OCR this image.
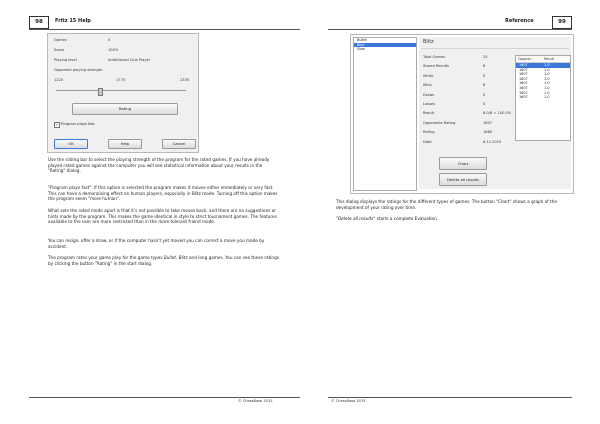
98	Fritz 15 Help
Games	0
Score	100%
Playing level	Ambitioned Club Player
Opponent playing strength
1220	1770	2335
Rating
✓ Program plays fast
OK	Help	Cancel

Use the sliding bar to select the playing strength of the program for the rated games. If you have already played rated games against the computer you will see statistical information about your results in the "Rating" dialog.

"Program plays fast": If this option is selected the program makes it moves either immediately or very fast. This can have a demoralising effect on human players, especially in Blitz mode. Turning off this option makes the program seem "more human".

What sets the rated mode apart is that it's not possible to take moves back, and there are no suggestions or hints made by the program. This makes the game identical in style to strict tournament games. The features available to the user are more restricted than in the more tolerant friend mode.

You can resign, offer a draw, or if the computer hasn't yet moved you can correct a move you made by accident.

The program rates your game play for the game types Bullet, Blitz and long games. You can see these ratings by clicking the button "Rating" in the start dialog.

© ChessBase 2015
Reference	99
Bullet
Blitz
Slow
Blitz
Total Games	25
Stored Results	8
White	0
Wins	8
Draws	0
Losses	0
Result	8.0/8 = 100.0%
Opponents Rating	1607
Rating	1680
Date	8.11.2015
Oppone...	Result
1607	1-0
1607	1-0
1607	1-0
1607	1-0
1607	1-0
1607	1-0
1607	1-0
1607	1-0
Chart
Delete all results

This dialog displays the ratings for the different types of games. The button "Chart" shows a graph of the development of your rating over time.

"Delete all results" starts a complete Evaluation.

© ChessBase 2015
